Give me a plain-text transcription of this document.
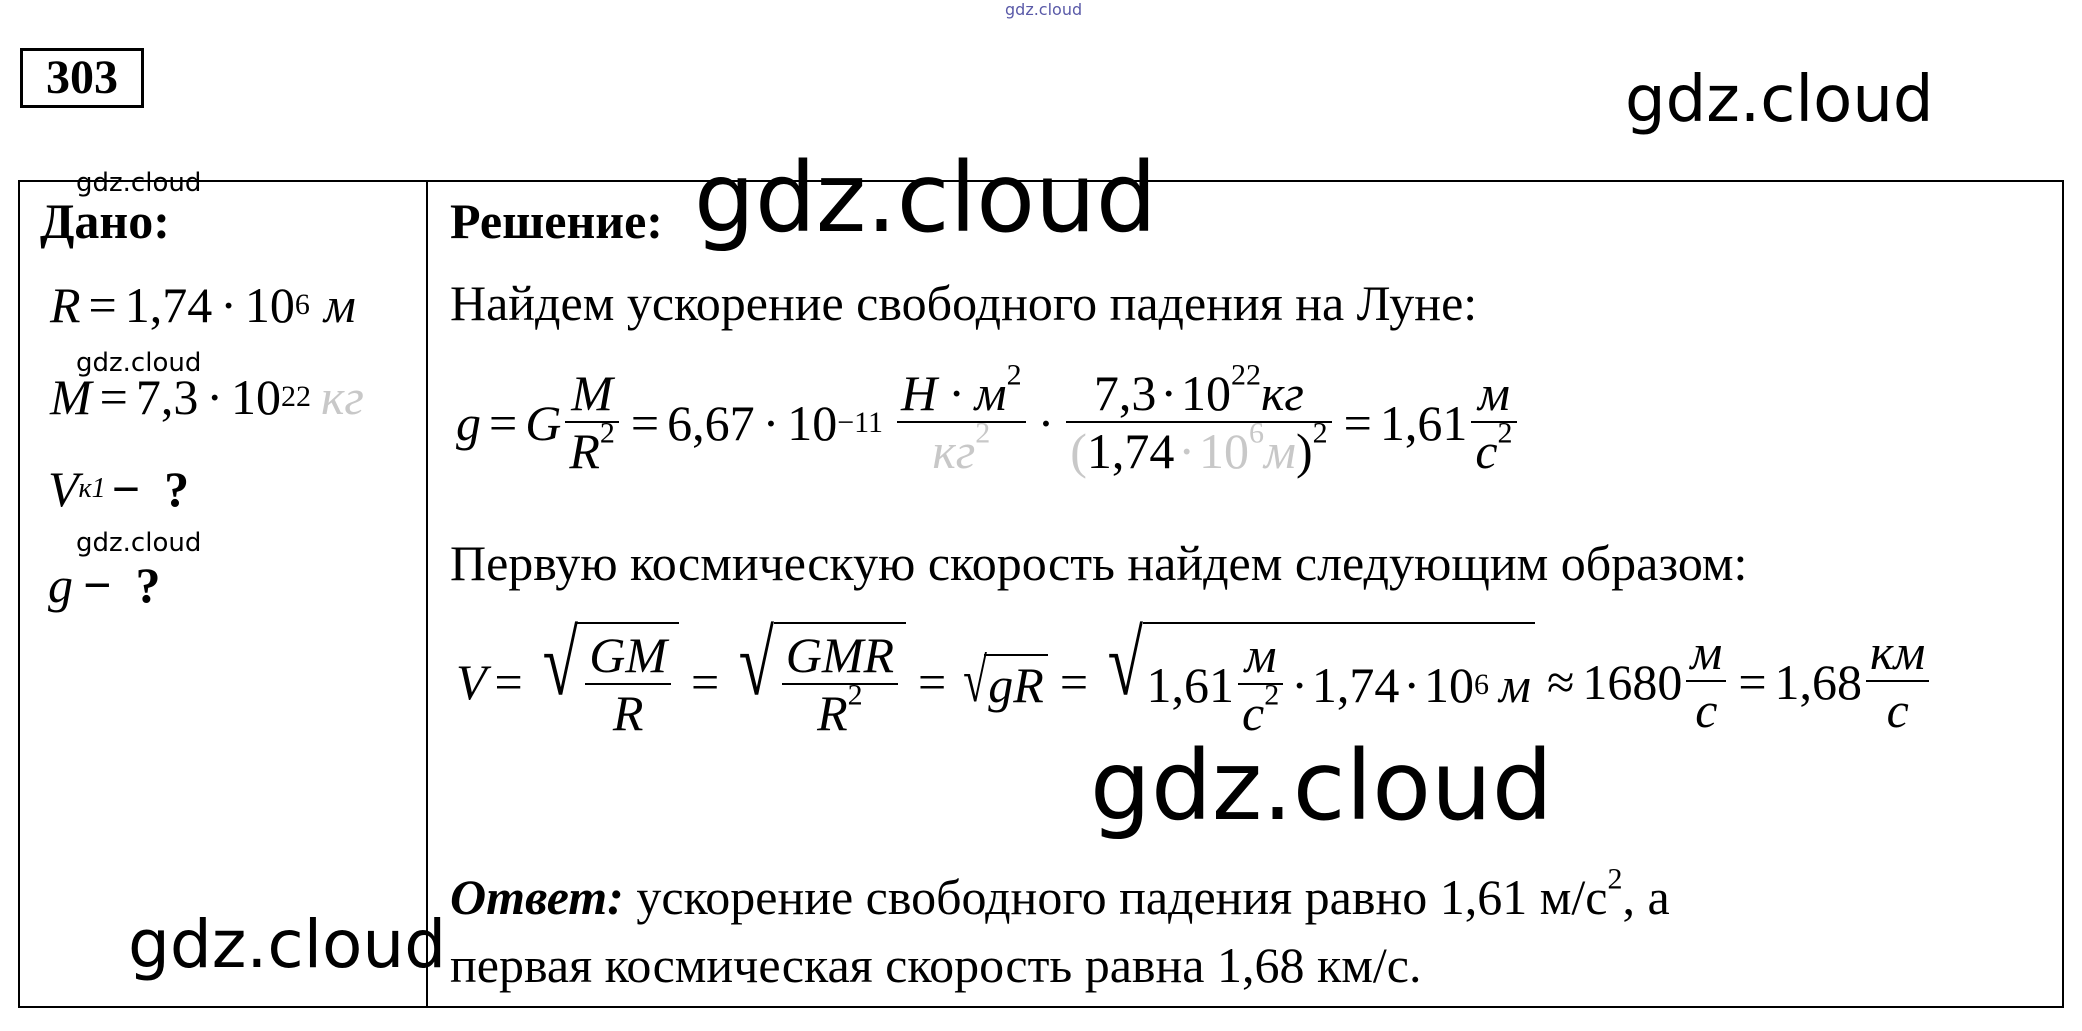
gdz.cloud
gdz.cloud
gdz.cloud	gdz.cloud
gdz.cloud
gdz.cloud
gdz.cloud
gdz.cloud
303
Дано:
R = 1,74 · 10 6 м
M = 7,3 · 10 22 кг
V к1 − ?
g − ?
Решение:
Найдем ускорение свободного падения на Луне:
g = G $\frac{M}{R^2} = 6,67 \cdot 10 -11 \frac{Н \cdot м^2}{кг^2} \cdot \frac{7,3\cdot 10^{22}кг}{(1,74\cdot 10^6м)^2} = 1,61 \frac{м}{с^2}$
Первую космическую скорость найдем следующим образом:
V = √ $\frac{GM}{R}$ = √ $\frac{\text{GMR}}{R^2}$ = √ gR = √ $1,61 \frac{м}{с^2} \cdot 1,74 \cdot 10$ 6 $м \approx 1680 \frac{м}{с} = 1,68 \frac{км}{с}$
Ответ: ускорение свободного падения равно 1,61 $м/с^2$, а
первая космическая скорость равна 1,68 км/с.
